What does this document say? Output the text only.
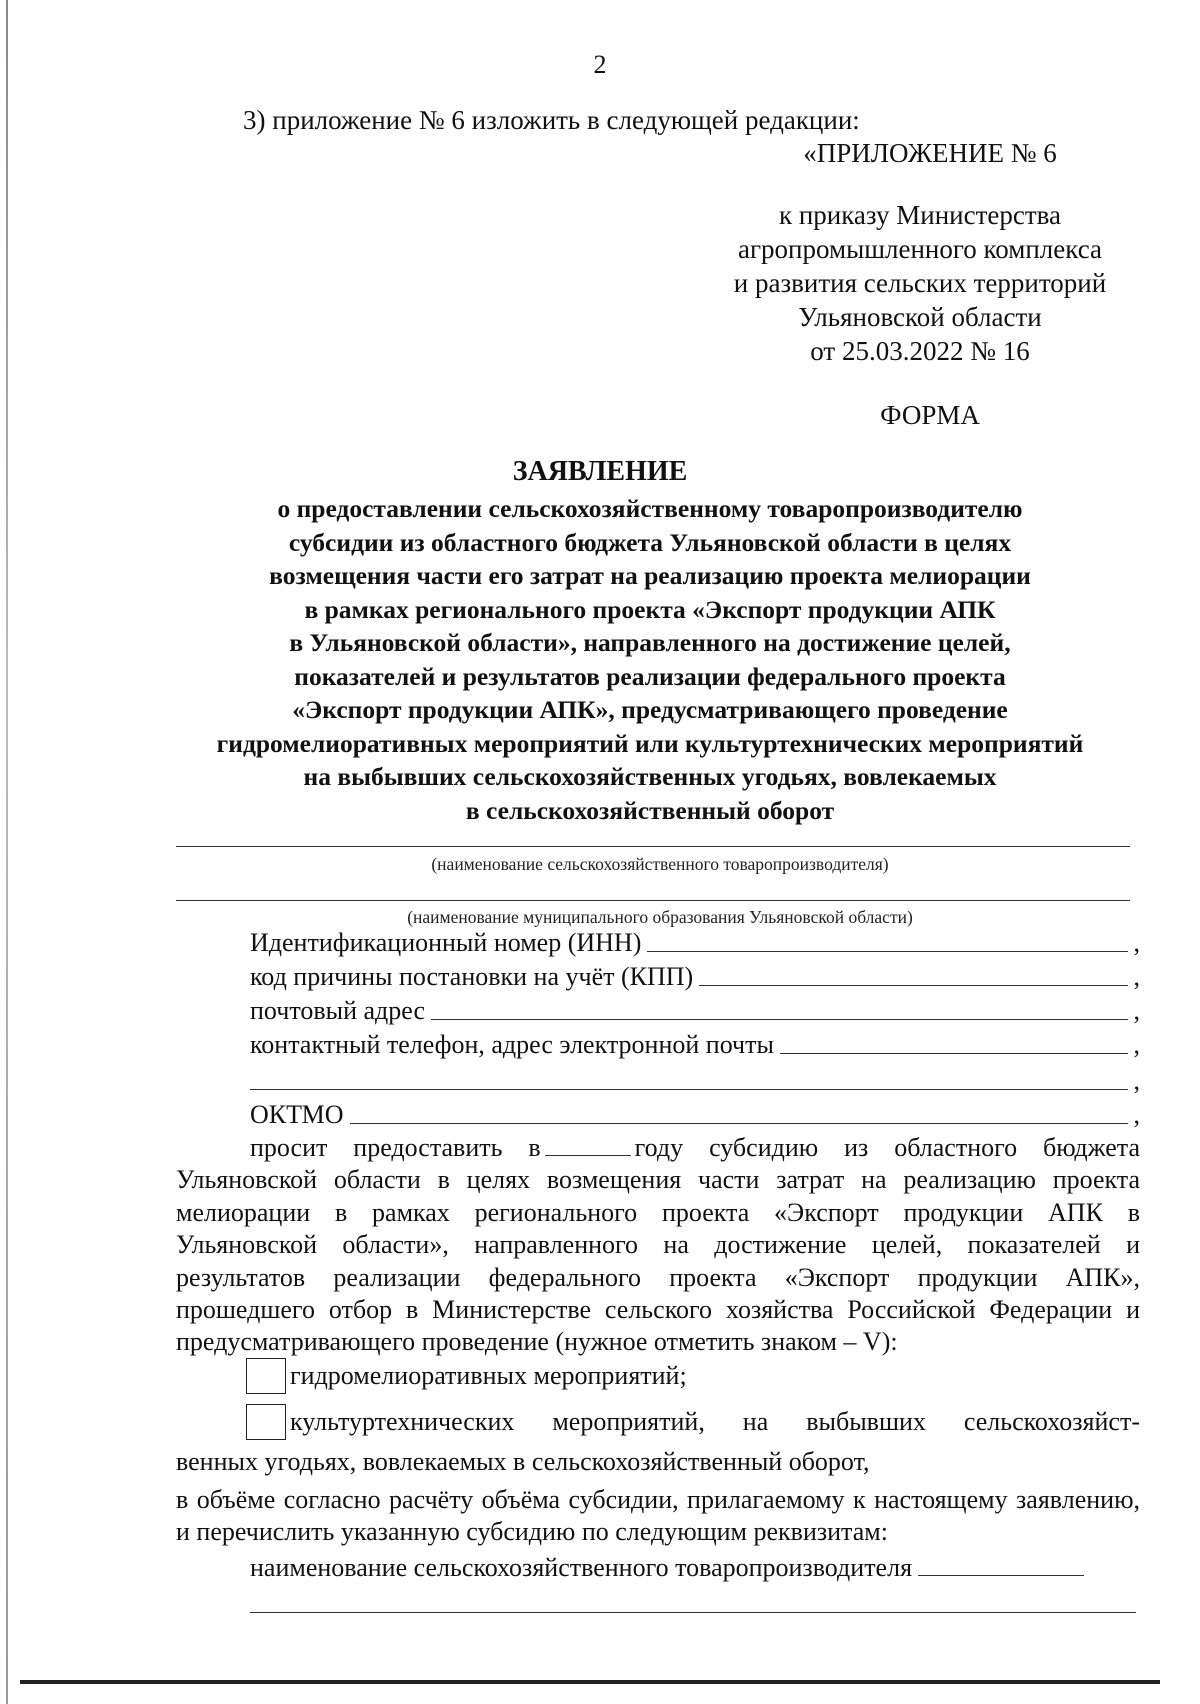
2
3) приложение № 6 изложить в следующей редакции:
«ПРИЛОЖЕНИЕ № 6
к приказу Министерства
агропромышленного комплекса
и развития сельских территорий
Ульяновской области
от 25.03.2022 № 16
ФОРМА
ЗАЯВЛЕНИЕ
о предоставлении сельскохозяйственному товаропроизводителю
субсидии из областного бюджета Ульяновской области в целях
возмещения части его затрат на реализацию проекта мелиорации
в рамках регионального проекта «Экспорт продукции АПК
в Ульяновской области», направленного на достижение целей,
показателей и результатов реализации федерального проекта
«Экспорт продукции АПК», предусматривающего проведение
гидромелиоративных мероприятий или культуртехнических мероприятий
на выбывших сельскохозяйственных угодьях, вовлекаемых
в сельскохозяйственный оборот
(наименование сельскохозяйственного товаропроизводителя)
(наименование муниципального образования Ульяновской области)
Идентификационный номер (ИНН)	,
код причины постановки на учёт (КПП)	,
почтовый адрес	,
контактный телефон, адрес электронной почты	,
,
ОКТМО	,
просит предоставить в	году субсидию из областного бюджета Ульяновской области в целях возмещения части затрат на реализацию проекта мелиорации в рамках регионального проекта «Экспорт продукции АПК в Ульяновской области», направленного на достижение целей, показателей и результатов реализации федерального проекта «Экспорт продукции АПК», прошедшего отбор в Министерстве сельского хозяйства Российской Федерации и предусматривающего проведение (нужное отметить знаком – V):
гидромелиоративных мероприятий;
культуртехнических мероприятий, на выбывших сельскохозяйст-
венных угодьях, вовлекаемых в сельскохозяйственный оборот,
в объёме согласно расчёту объёма субсидии, прилагаемому к настоящему заявлению, и перечислить указанную субсидию по следующим реквизитам:
наименование сельскохозяйственного товаропроизводителя
